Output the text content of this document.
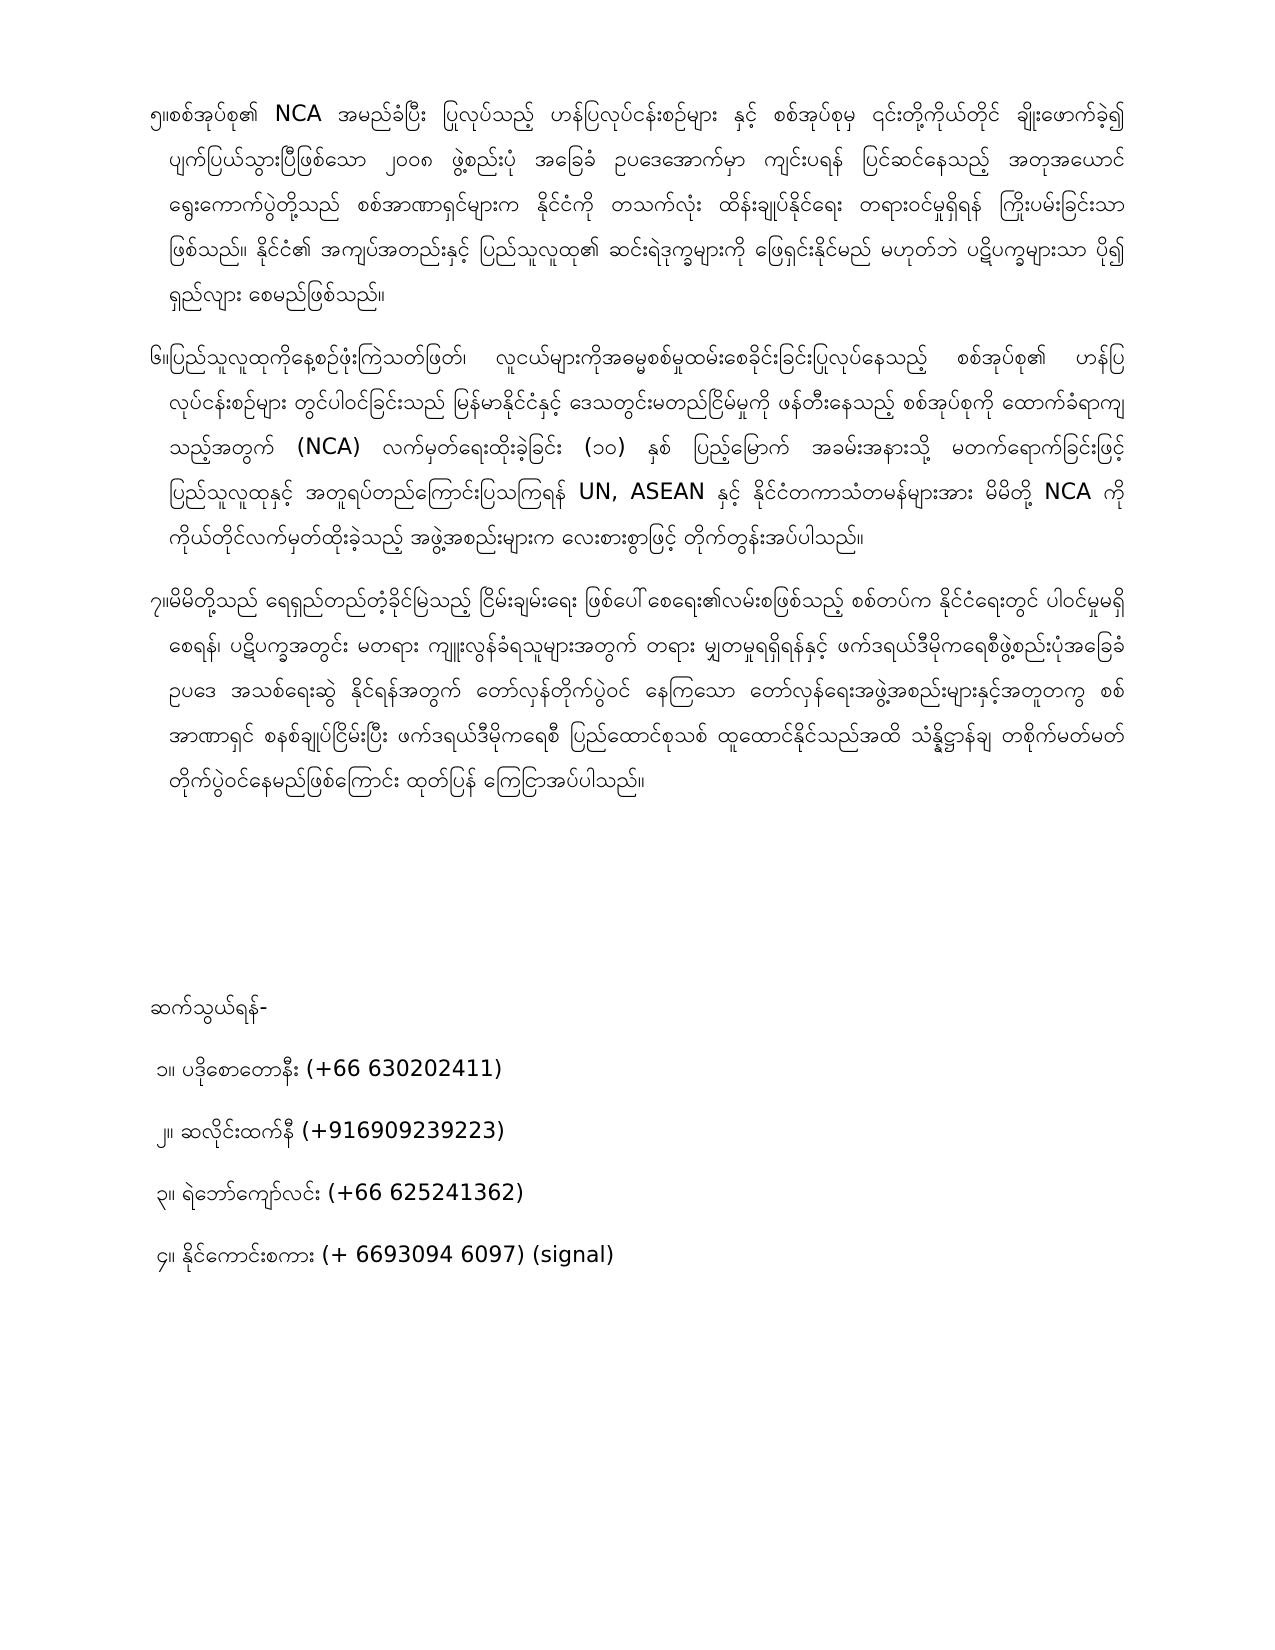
၅။ စစ်အုပ်စု၏ NCA အမည်ခံပြီး ပြုလုပ်သည့် ဟန်ပြလုပ်ငန်းစဉ်များ နှင့် စစ်အုပ်စုမှ ၎င်းတို့ကိုယ်တိုင် ချိုးဖောက်ခဲ့၍ ပျက်ပြယ်သွားပြီဖြစ်သော ၂၀၀၈ ဖွဲ့စည်းပုံ အခြေခံ ဥပဒေအောက်မှာ ကျင်းပရန် ပြင်ဆင်နေသည့် အတုအယောင် ရွေးကောက်ပွဲတို့သည် စစ်အာဏာရှင်များက နိုင်ငံကို တသက်လုံး ထိန်းချုပ်နိုင်ရေး တရားဝင်မှုရှိရန် ကြိုးပမ်းခြင်းသာဖြစ်သည်။ နိုင်ငံ၏ အကျပ်အတည်းနှင့် ပြည်သူလူထု၏ ဆင်းရဲဒုက္ခများကို ဖြေရှင်းနိုင်မည် မဟုတ်ဘဲ ပဋိပက္ခများသာ ပို၍ ရှည်လျား စေမည်ဖြစ်သည်။
၆။ ပြည်သူလူထုကိုနေ့စဉ်ဖုံးကြဲသတ်ဖြတ်၊ လူငယ်များကိုအဓမ္မစစ်မှုထမ်းစေခိုင်းခြင်းပြုလုပ်နေသည့် စစ်အုပ်စု၏ ဟန်ပြလုပ်ငန်းစဉ်များ တွင်ပါဝင်ခြင်းသည် မြန်မာနိုင်ငံနှင့် ဒေသတွင်းမတည်ငြိမ်မှုကို ဖန်တီးနေသည့် စစ်အုပ်စုကို ထောက်ခံရာကျသည့်အတွက် (NCA) လက်မှတ်ရေးထိုးခဲ့ခြင်း (၁၀) နှစ် ပြည့်မြောက် အခမ်းအနားသို့ မတက်ရောက်ခြင်းဖြင့် ပြည်သူလူထုနှင့် အတူရပ်တည်ကြောင်းပြသကြရန် UN, ASEAN နှင့် နိုင်ငံတကာသံတမန်များအား မိမိတို့ NCA ကို ကိုယ်တိုင်လက်မှတ်ထိုးခဲ့သည့် အဖွဲ့အစည်းများက လေးစားစွာဖြင့် တိုက်တွန်းအပ်ပါသည်။
၇။ မိမိတို့သည် ရေရှည်တည်တံ့ခိုင်မြဲသည့် ငြိမ်းချမ်းရေး ဖြစ်ပေါ်စေရေး၏လမ်းစဖြစ်သည့် စစ်တပ်က နိုင်ငံရေးတွင် ပါဝင်မှုမရှိစေရန်၊ ပဋိပက္ခအတွင်း မတရား ကျူးလွန်ခံရသူများအတွက် တရား မျှတမှုရရှိရန်နှင့် ဖက်ဒရယ်ဒီမိုကရေစီဖွဲ့စည်းပုံအခြေခံဥပဒေ အသစ်ရေးဆွဲ နိုင်ရန်အတွက် တော်လှန်တိုက်ပွဲဝင် နေကြသော တော်လှန်ရေးအဖွဲ့အစည်းများနှင့်အတူတကွ စစ်အာဏာရှင် စနစ်ချုပ်ငြိမ်းပြီး ဖက်ဒရယ်ဒီမိုကရေစီ ပြည်ထောင်စုသစ် ထူထောင်နိုင်သည်အထိ သံန္နိဋ္ဌာန်ချ တစိုက်မတ်မတ်တိုက်ပွဲဝင်နေမည်ဖြစ်ကြောင်း ထုတ်ပြန် ကြေငြာအပ်ပါသည်။
ဆက်သွယ်ရန်-
၁။ ပဒိုစောတောနီး (+66 630202411)
၂။ ဆလိုင်းထက်နီ (+916909239223)
၃။ ရဲဘော်ကျော်လင်း (+66 625241362)
၄။ နိုင်ကောင်းစကား (+ 6693094 6097) (signal)
